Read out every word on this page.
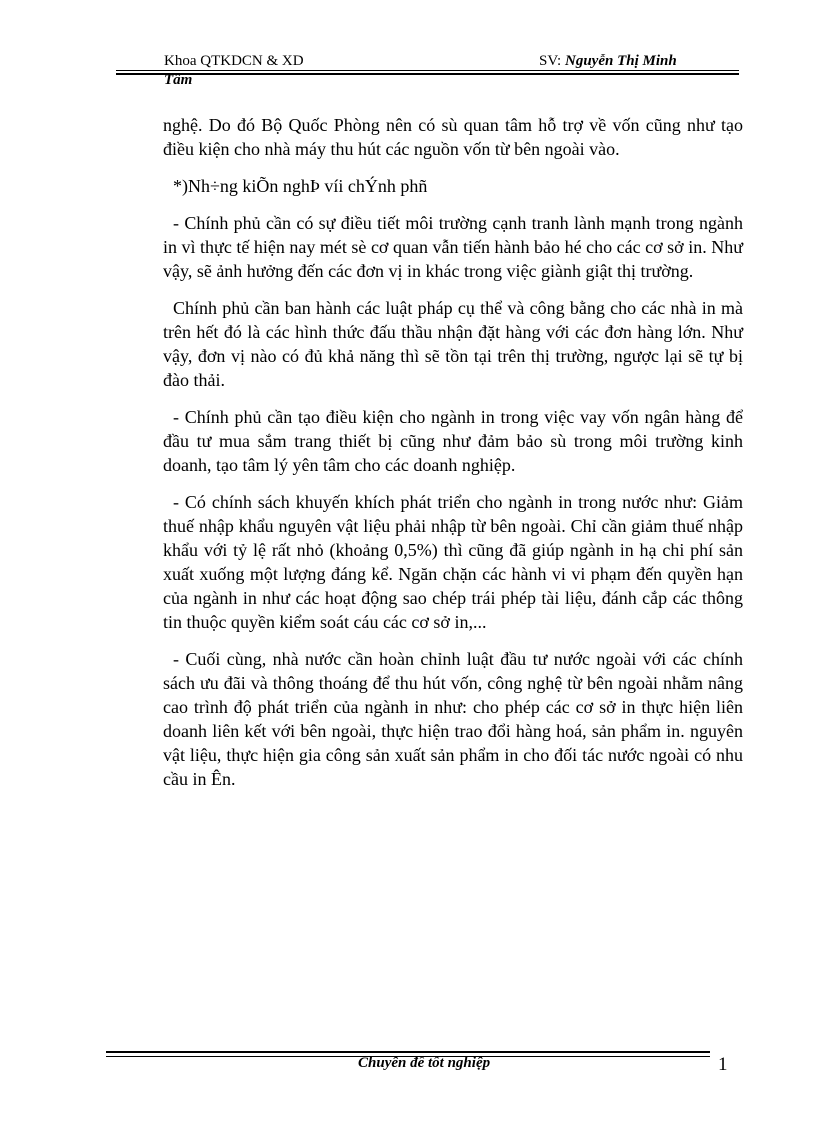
Khoa QTKDCN & XD	SV: Nguyễn Thị Minh
Tâm

nghệ. Do đó Bộ Quốc Phòng nên có sù quan tâm hỗ trợ về vốn cũng như tạo điều kiện cho nhà máy thu hút các nguồn vốn từ bên ngoài vào.

*)Nh÷ng kiÕn nghÞ víi chÝnh phñ

- Chính phủ cần có sự điều tiết môi trường cạnh tranh lành mạnh trong ngành in vì thực tế hiện nay mét sè cơ quan vẫn tiến hành bảo hé cho các cơ sở in. Như vậy, sẽ ảnh hưởng đến các đơn vị in khác trong việc giành giật thị trường.

Chính phủ cần ban hành các luật pháp cụ thể và công bằng cho các nhà in mà trên hết đó là các hình thức đấu thầu nhận đặt hàng với các đơn hàng lớn. Như vậy, đơn vị nào có đủ khả năng thì sẽ tồn tại trên thị trường, ngược lại sẽ tự bị đào thải.

- Chính phủ cần tạo điều kiện cho ngành in trong việc vay vốn ngân hàng để đầu tư mua sắm trang thiết bị cũng như đảm bảo sù trong môi trường kinh doanh, tạo tâm lý yên tâm cho các doanh nghiệp.

- Có chính sách khuyến khích phát triển cho ngành in trong nước như: Giảm thuế nhập khẩu nguyên vật liệu phải nhập từ bên ngoài. Chỉ cần giảm thuế nhập khẩu với tỷ lệ rất nhỏ (khoảng 0,5%) thì cũng đã giúp ngành in hạ chi phí sản xuất xuống một lượng đáng kể. Ngăn chặn các hành vi vi phạm đến quyền hạn của ngành in như các hoạt động sao chép trái phép tài liệu, đánh cắp các thông tin thuộc quyền kiểm soát cáu các cơ sở in,...

- Cuối cùng, nhà nước cần hoàn chỉnh luật đầu tư nước ngoài với các chính sách ưu đãi và thông thoáng để thu hút vốn, công nghệ từ bên ngoài nhằm nâng cao trình độ phát triển của ngành in như: cho phép các cơ sở in thực hiện liên doanh liên kết với bên ngoài, thực hiện trao đổi hàng hoá, sản phẩm in. nguyên vật liệu, thực hiện gia công sản xuất sản phẩm in cho đối tác nước ngoài có nhu cầu in Ên.

Chuyên đề tốt nghiệp	1
